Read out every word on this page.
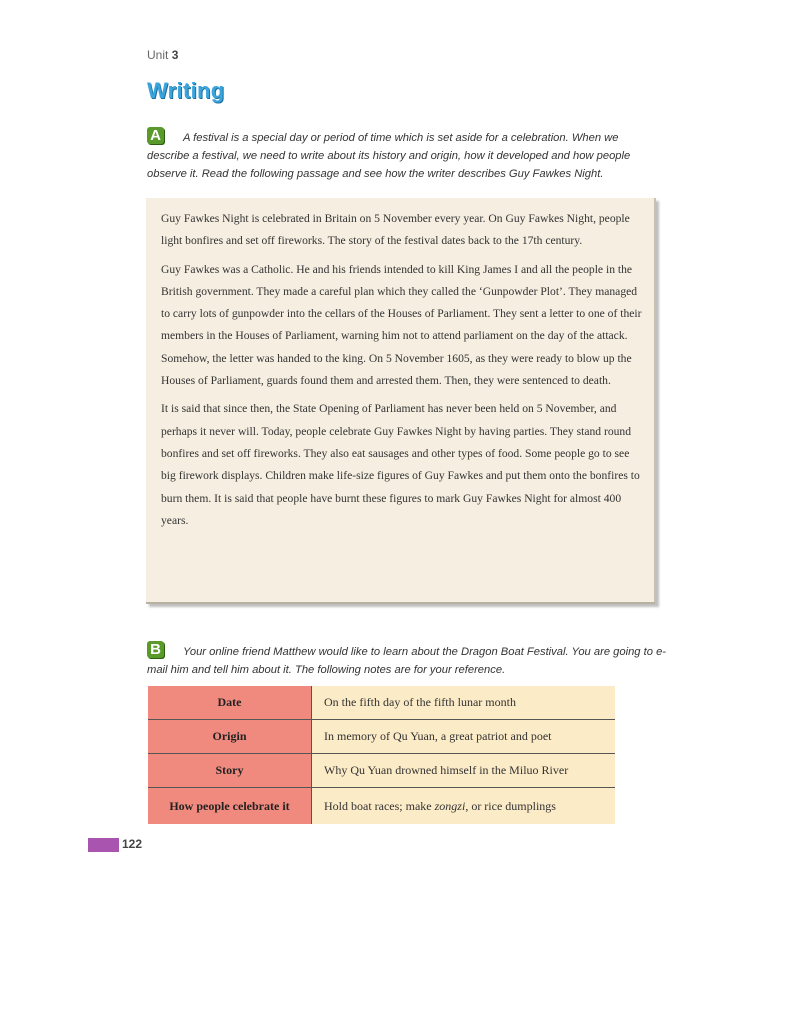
Unit 3
Writing
A	A festival is a special day or period of time which is set aside for a celebration. When we describe a festival, we need to write about its history and origin, how it developed and how people observe it. Read the following passage and see how the writer describes Guy Fawkes Night.

Guy Fawkes Night is celebrated in Britain on 5 November every year. On Guy Fawkes Night, people light bonfires and set off fireworks. The story of the festival dates back to the 17th century.

Guy Fawkes was a Catholic. He and his friends intended to kill King James I and all the people in the British government. They made a careful plan which they called the ‘Gunpowder Plot’. They managed to carry lots of gunpowder into the cellars of the Houses of Parliament. They sent a letter to one of their members in the Houses of Parliament, warning him not to attend parliament on the day of the attack. Somehow, the letter was handed to the king. On 5 November 1605, as they were ready to blow up the Houses of Parliament, guards found them and arrested them. Then, they were sentenced to death.

It is said that since then, the State Opening of Parliament has never been held on 5 November, and perhaps it never will. Today, people celebrate Guy Fawkes Night by having parties. They stand round bonfires and set off fireworks. They also eat sausages and other types of food. Some people go to see big firework displays. Children make life-size figures of Guy Fawkes and put them onto the bonfires to burn them. It is said that people have burnt these figures to mark Guy Fawkes Night for almost 400 years.

B	Your online friend Matthew would like to learn about the Dragon Boat Festival. You are going to e-mail him and tell him about it. The following notes are for your reference.
Date	On the fifth day of the fifth lunar month
Origin	In memory of Qu Yuan, a great patriot and poet
Story	Why Qu Yuan drowned himself in the Miluo River
How people celebrate it	Hold boat races; make zongzi, or rice dumplings
122
